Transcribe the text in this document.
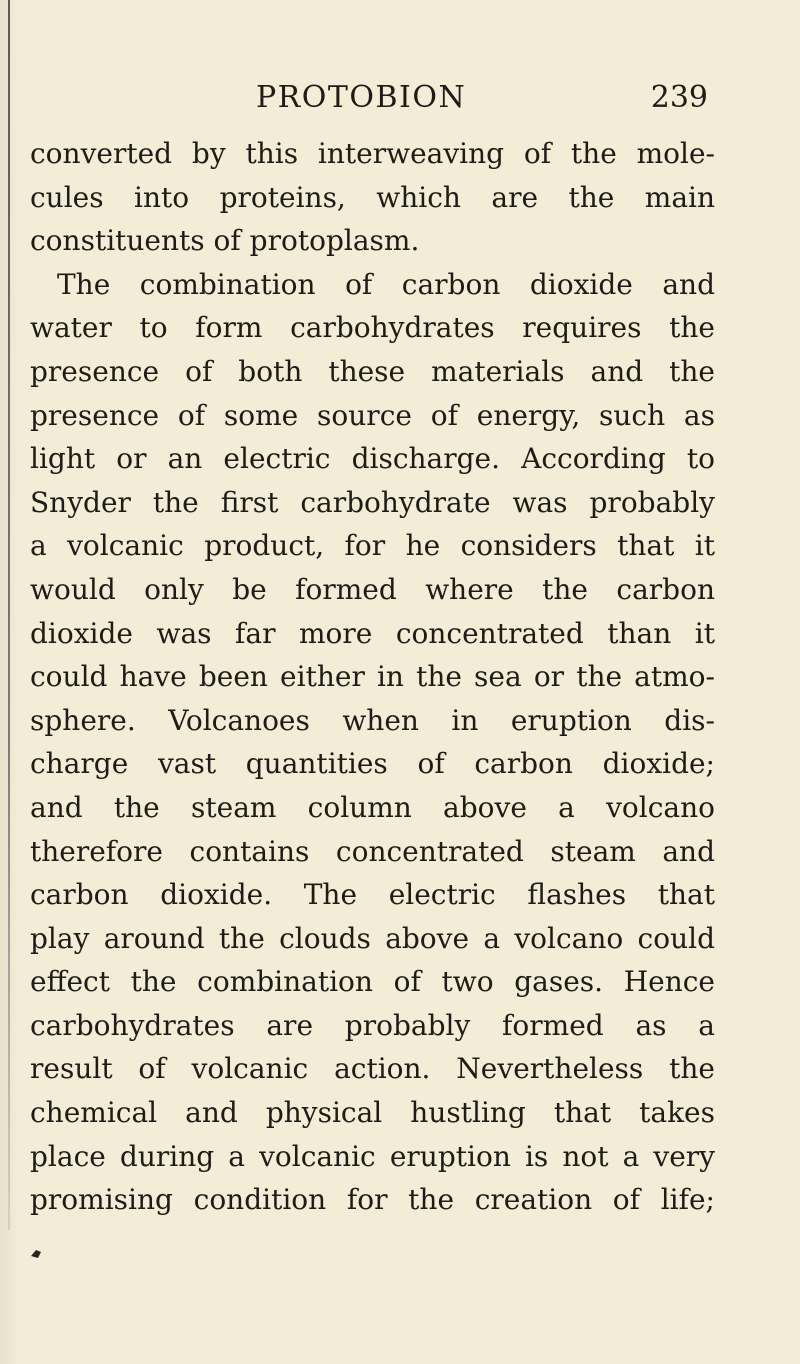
PROTOBION	239
converted by this interweaving of the mole-
cules into proteins, which are the main
constituents of protoplasm.
The combination of carbon dioxide and
water to form carbohydrates requires the
presence of both these materials and the
presence of some source of energy, such as
light or an electric discharge. According to
Snyder the first carbohydrate was probably
a volcanic product, for he considers that it
would only be formed where the carbon
dioxide was far more concentrated than it
could have been either in the sea or the atmo-
sphere. Volcanoes when in eruption dis-
charge vast quantities of carbon dioxide;
and the steam column above a volcano
therefore contains concentrated steam and
carbon dioxide. The electric flashes that
play around the clouds above a volcano could
effect the combination of two gases. Hence
carbohydrates are probably formed as a
result of volcanic action. Nevertheless the
chemical and physical hustling that takes
place during a volcanic eruption is not a very
promising condition for the creation of life;
